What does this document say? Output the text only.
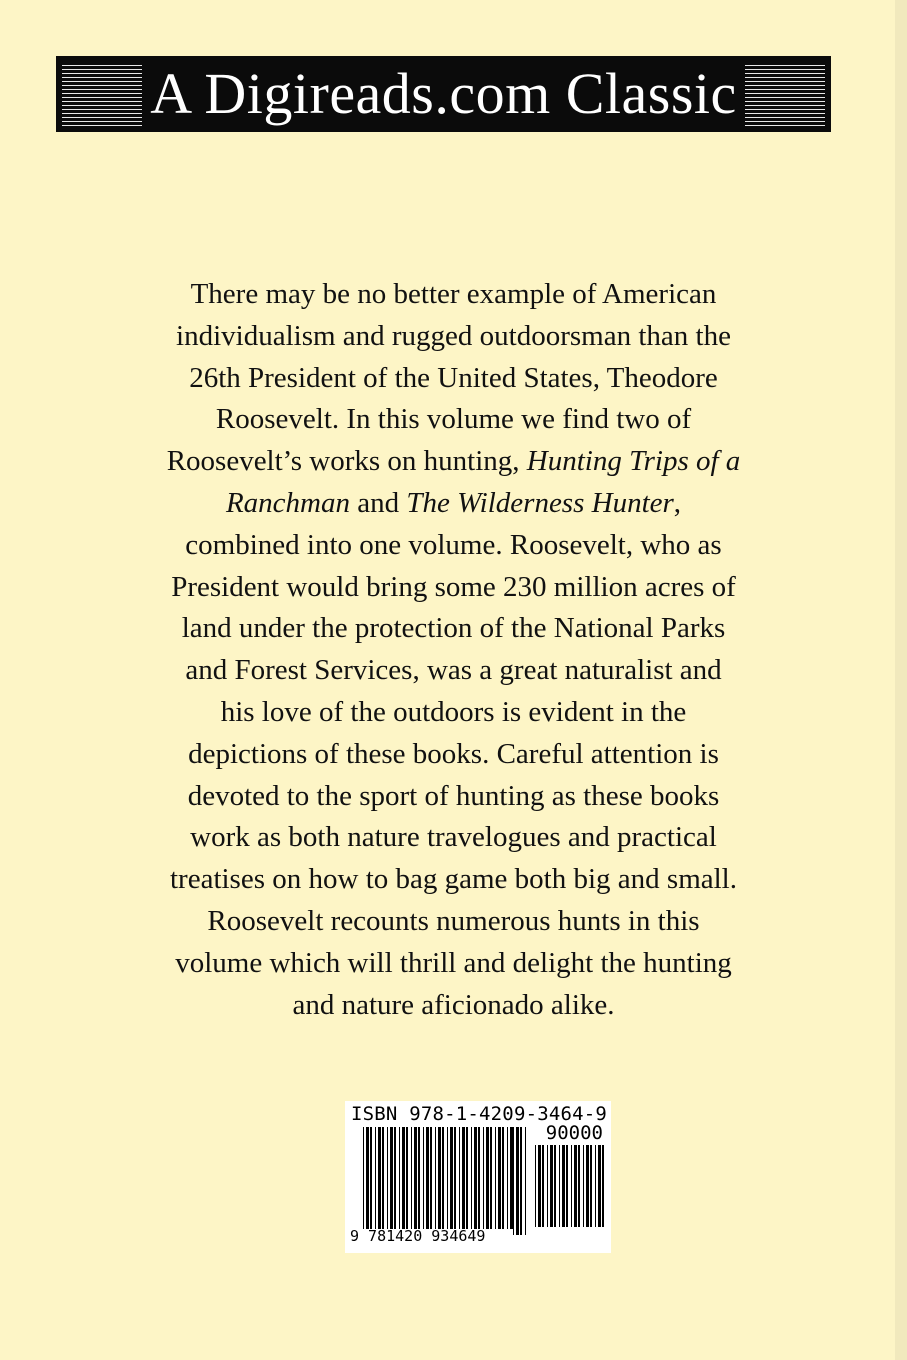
A Digireads.com Classic
There may be no better example of American
individualism and rugged outdoorsman than the
26th President of the United States, Theodore
Roosevelt. In this volume we find two of
Roosevelt’s works on hunting, Hunting Trips of a
Ranchman and The Wilderness Hunter,
combined into one volume. Roosevelt, who as
President would bring some 230 million acres of
land under the protection of the National Parks
and Forest Services, was a great naturalist and
his love of the outdoors is evident in the
depictions of these books. Careful attention is
devoted to the sport of hunting as these books
work as both nature travelogues and practical
treatises on how to bag game both big and small.
Roosevelt recounts numerous hunts in this
volume which will thrill and delight the hunting
and nature aficionado alike.
ISBN 978-1-4209-3464-9
90000
9 781420 934649
